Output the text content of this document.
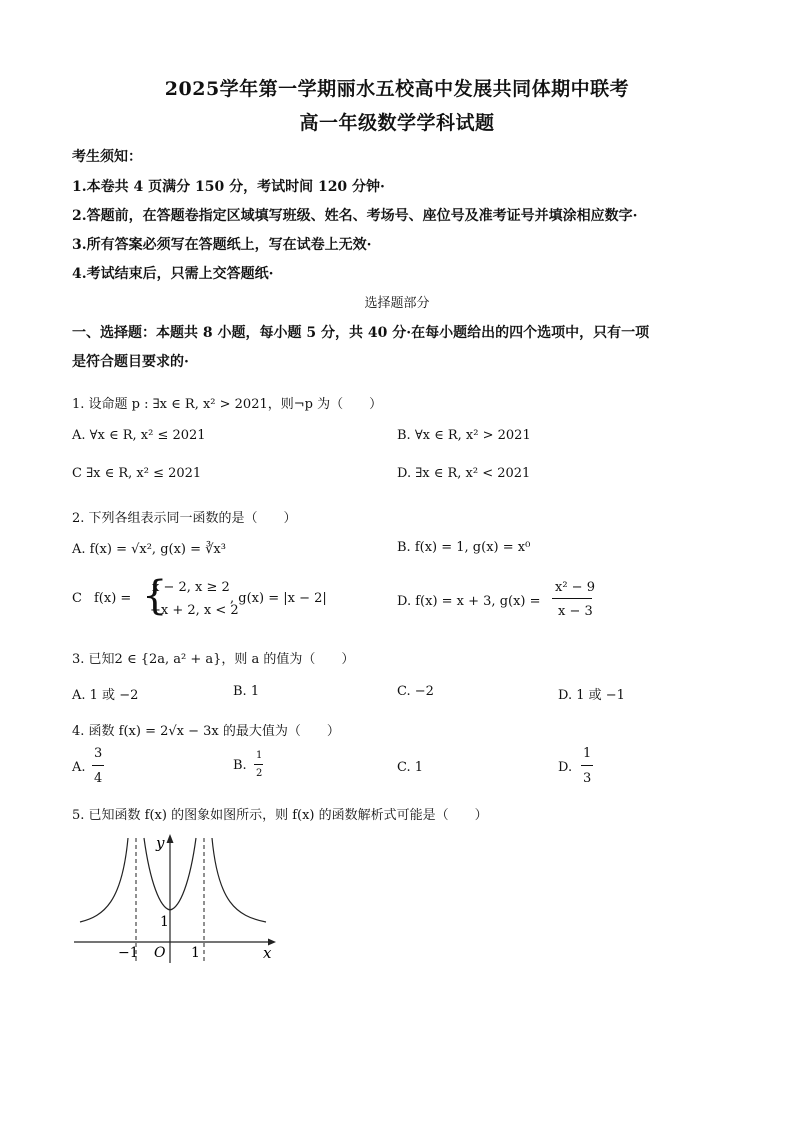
2025学年第一学期丽水五校高中发展共同体期中联考
高一年级数学学科试题
考生须知：
1.本卷共 4 页满分 150 分，考试时间 120 分钟·
2.答题前，在答题卷指定区域填写班级、姓名、考场号、座位号及准考证号并填涂相应数字·
3.所有答案必须写在答题纸上，写在试卷上无效·
4.考试结束后，只需上交答题纸·
选择题部分
一、选择题：本题共 8 小题，每小题 5 分，共 40 分·在每小题给出的四个选项中，只有一项
是符合题目要求的·
1. 设命题 p : ∃x ∈ R, x² > 2021，则¬p 为（　　）
A. ∀x ∈ R, x² ≤ 2021	B. ∀x ∈ R, x² > 2021
C ∃x ∈ R, x² ≤ 2021	D. ∃x ∈ R, x² < 2021
2. 下列各组表示同一函数的是（　　）
A. f(x) = √x², g(x) = ∛x³	B. f(x) = 1, g(x) = x⁰
C f(x) = {
x − 2, x ≥ 2
−x + 2, x < 2
, g(x) = |x − 2|	D. f(x) = x + 3, g(x) =
x² − 9
x − 3
3. 已知2 ∈ {2a, a² + a}，则 a 的值为（　　）
A. 1 或 −2	B. 1	C. −2	D. 1 或 −1
4. 函数 f(x) = 2√x − 3x 的最大值为（　　）
A.
3
4
B.
1
2	C. 1	D.
1
3
5. 已知函数 f(x) 的图象如图所示，则 f(x) 的函数解析式可能是（　　）
y
x
O
−1	1
1
